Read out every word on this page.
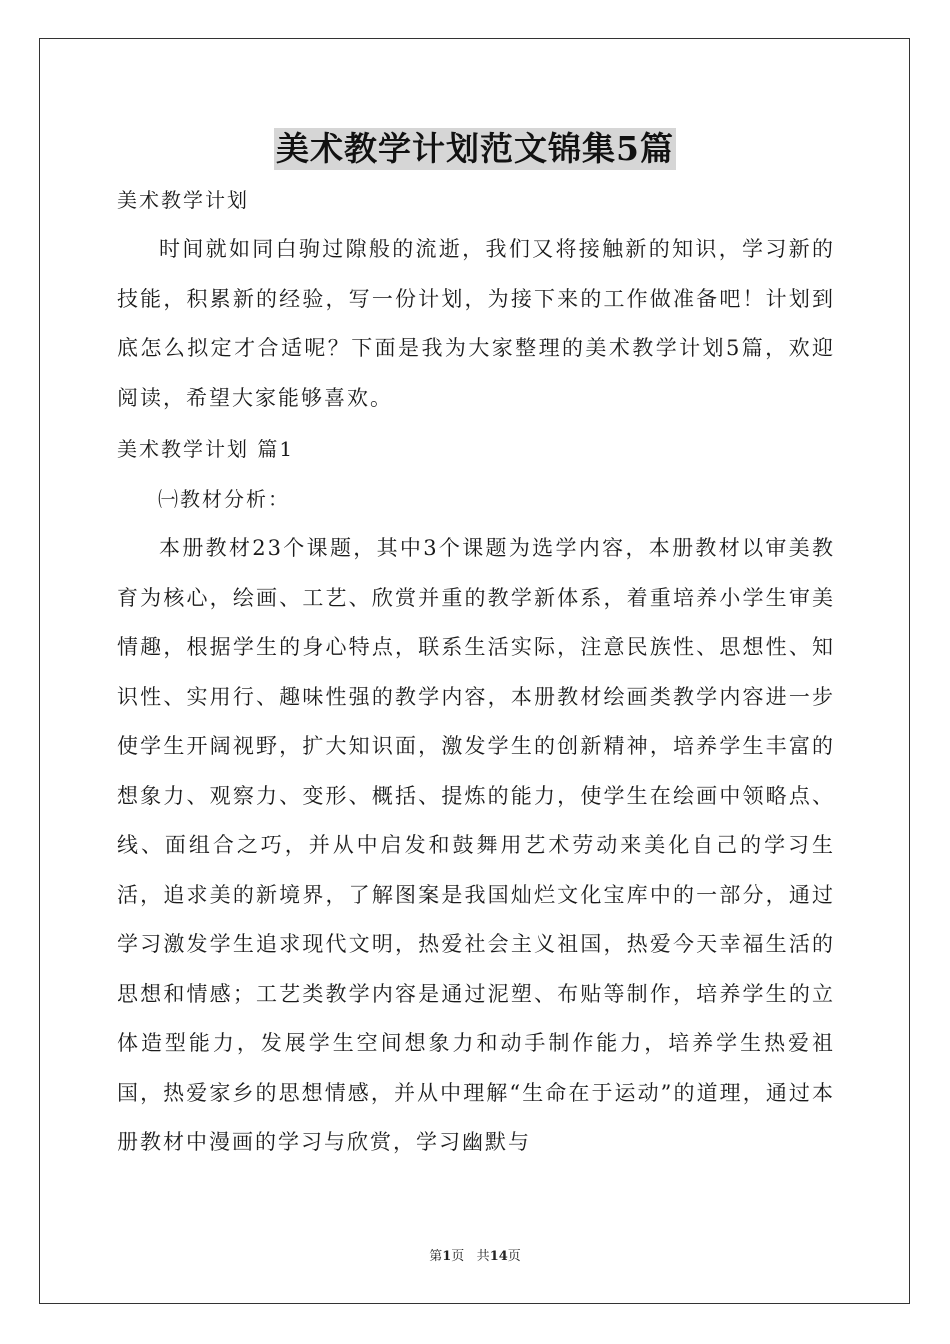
美术教学计划范文锦集5篇
美术教学计划

时间就如同白驹过隙般的流逝，我们又将接触新的知识，学习新的技能，积累新的经验，写一份计划，为接下来的工作做准备吧！计划到底怎么拟定才合适呢？下面是我为大家整理的美术教学计划5篇，欢迎阅读，希望大家能够喜欢。

美术教学计划 篇1
㈠教材分析：

本册教材23个课题，其中3个课题为选学内容，本册教材以审美教育为核心，绘画、工艺、欣赏并重的教学新体系，着重培养小学生审美情趣，根据学生的身心特点，联系生活实际，注意民族性、思想性、知识性、实用行、趣味性强的教学内容，本册教材绘画类教学内容进一步使学生开阔视野，扩大知识面，激发学生的创新精神，培养学生丰富的想象力、观察力、变形、概括、提炼的能力，使学生在绘画中领略点、线、面组合之巧，并从中启发和鼓舞用艺术劳动来美化自己的学习生活，追求美的新境界，了解图案是我国灿烂文化宝库中的一部分，通过学习激发学生追求现代文明，热爱社会主义祖国，热爱今天幸福生活的思想和情感；工艺类教学内容是通过泥塑、布贴等制作，培养学生的立体造型能力，发展学生空间想象力和动手制作能力，培养学生热爱祖国，热爱家乡的思想情感，并从中理解“生命在于运动”的道理，通过本册教材中漫画的学习与欣赏，学习幽默与

第1页 共14页
